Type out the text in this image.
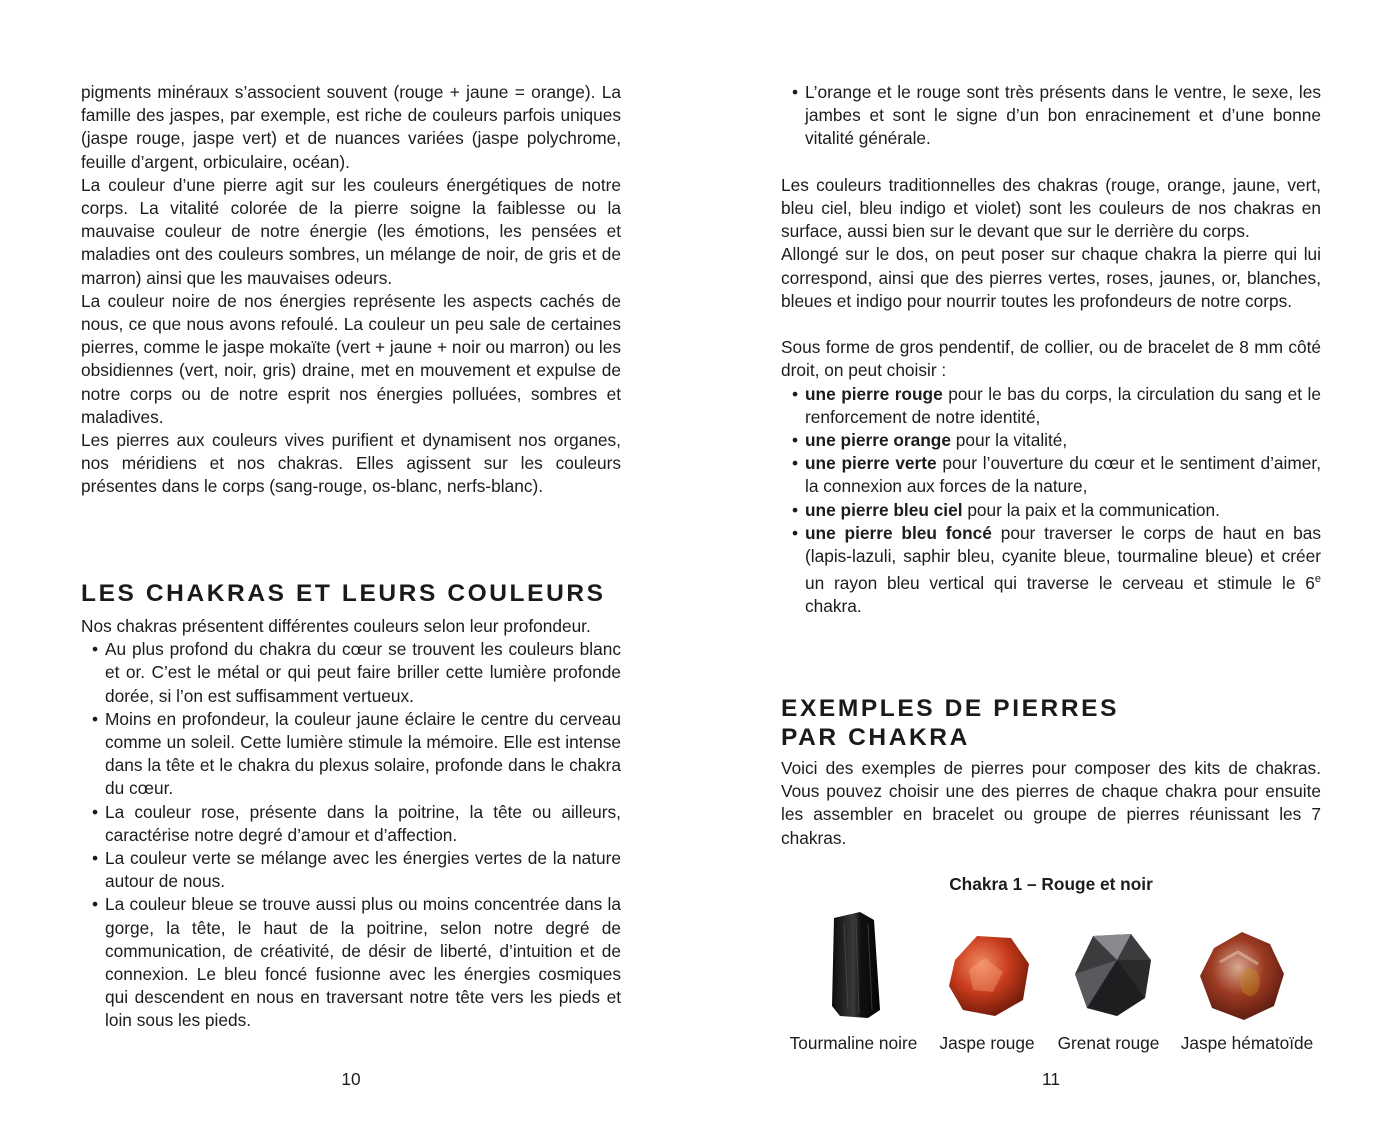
pigments minéraux s’associent souvent (rouge + jaune = orange). La famille des jaspes, par exemple, est riche de couleurs parfois uniques (jaspe rouge, jaspe vert) et de nuances variées (jaspe polychrome, feuille d’argent, orbiculaire, océan).

La couleur d’une pierre agit sur les couleurs énergétiques de notre corps. La vitalité colorée de la pierre soigne la faiblesse ou la mauvaise couleur de notre énergie (les émotions, les pensées et maladies ont des couleurs sombres, un mélange de noir, de gris et de marron) ainsi que les mauvaises odeurs.

La couleur noire de nos énergies représente les aspects cachés de nous, ce que nous avons refoulé. La couleur un peu sale de certaines pierres, comme le jaspe mokaïte (vert + jaune + noir ou marron) ou les obsidiennes (vert, noir, gris) draine, met en mouvement et expulse de notre corps ou de notre esprit nos énergies polluées, sombres et maladives.

Les pierres aux couleurs vives purifient et dynamisent nos organes, nos méridiens et nos chakras. Elles agissent sur les couleurs présentes dans le corps (sang-rouge, os-blanc, nerfs-blanc).

LES CHAKRAS ET LEURS COULEURS

Nos chakras présentent différentes couleurs selon leur profondeur.

• Au plus profond du chakra du cœur se trouvent les couleurs blanc et or. C’est le métal or qui peut faire briller cette lumière profonde dorée, si l’on est suffisamment vertueux.
• Moins en profondeur, la couleur jaune éclaire le centre du cerveau comme un soleil. Cette lumière stimule la mémoire. Elle est intense dans la tête et le chakra du plexus solaire, profonde dans le chakra du cœur.
• La couleur rose, présente dans la poitrine, la tête ou ailleurs, caractérise notre degré d’amour et d’affection.
• La couleur verte se mélange avec les énergies vertes de la nature autour de nous.
• La couleur bleue se trouve aussi plus ou moins concentrée dans la gorge, la tête, le haut de la poitrine, selon notre degré de communication, de créativité, de désir de liberté, d’intuition et de connexion. Le bleu foncé fusionne avec les énergies cosmiques qui descendent en nous en traversant notre tête vers les pieds et loin sous les pieds.
10
• L’orange et le rouge sont très présents dans le ventre, le sexe, les jambes et sont le signe d’un bon enracinement et d’une bonne vitalité générale.

Les couleurs traditionnelles des chakras (rouge, orange, jaune, vert, bleu ciel, bleu indigo et violet) sont les couleurs de nos chakras en surface, aussi bien sur le devant que sur le derrière du corps.

Allongé sur le dos, on peut poser sur chaque chakra la pierre qui lui correspond, ainsi que des pierres vertes, roses, jaunes, or, blanches, bleues et indigo pour nourrir toutes les profondeurs de notre corps.

Sous forme de gros pendentif, de collier, ou de bracelet de 8 mm côté droit, on peut choisir :

• une pierre rouge pour le bas du corps, la circulation du sang et le renforcement de notre identité,
• une pierre orange pour la vitalité,
• une pierre verte pour l’ouverture du cœur et le sentiment d’aimer, la connexion aux forces de la nature,
• une pierre bleu ciel pour la paix et la communication.
• une pierre bleu foncé pour traverser le corps de haut en bas (lapis-lazuli, saphir bleu, cyanite bleue, tourmaline bleue) et créer un rayon bleu vertical qui traverse le cerveau et stimule le 6e chakra.
EXEMPLES DE PIERRES
PAR CHAKRA

Voici des exemples de pierres pour composer des kits de chakras. Vous pouvez choisir une des pierres de chaque chakra pour ensuite les assembler en bracelet ou groupe de pierres réunissant les 7 chakras.

Chakra 1 – Rouge et noir
Tourmaline noire	Jaspe rouge	Grenat rouge	Jaspe hématoïde
11
